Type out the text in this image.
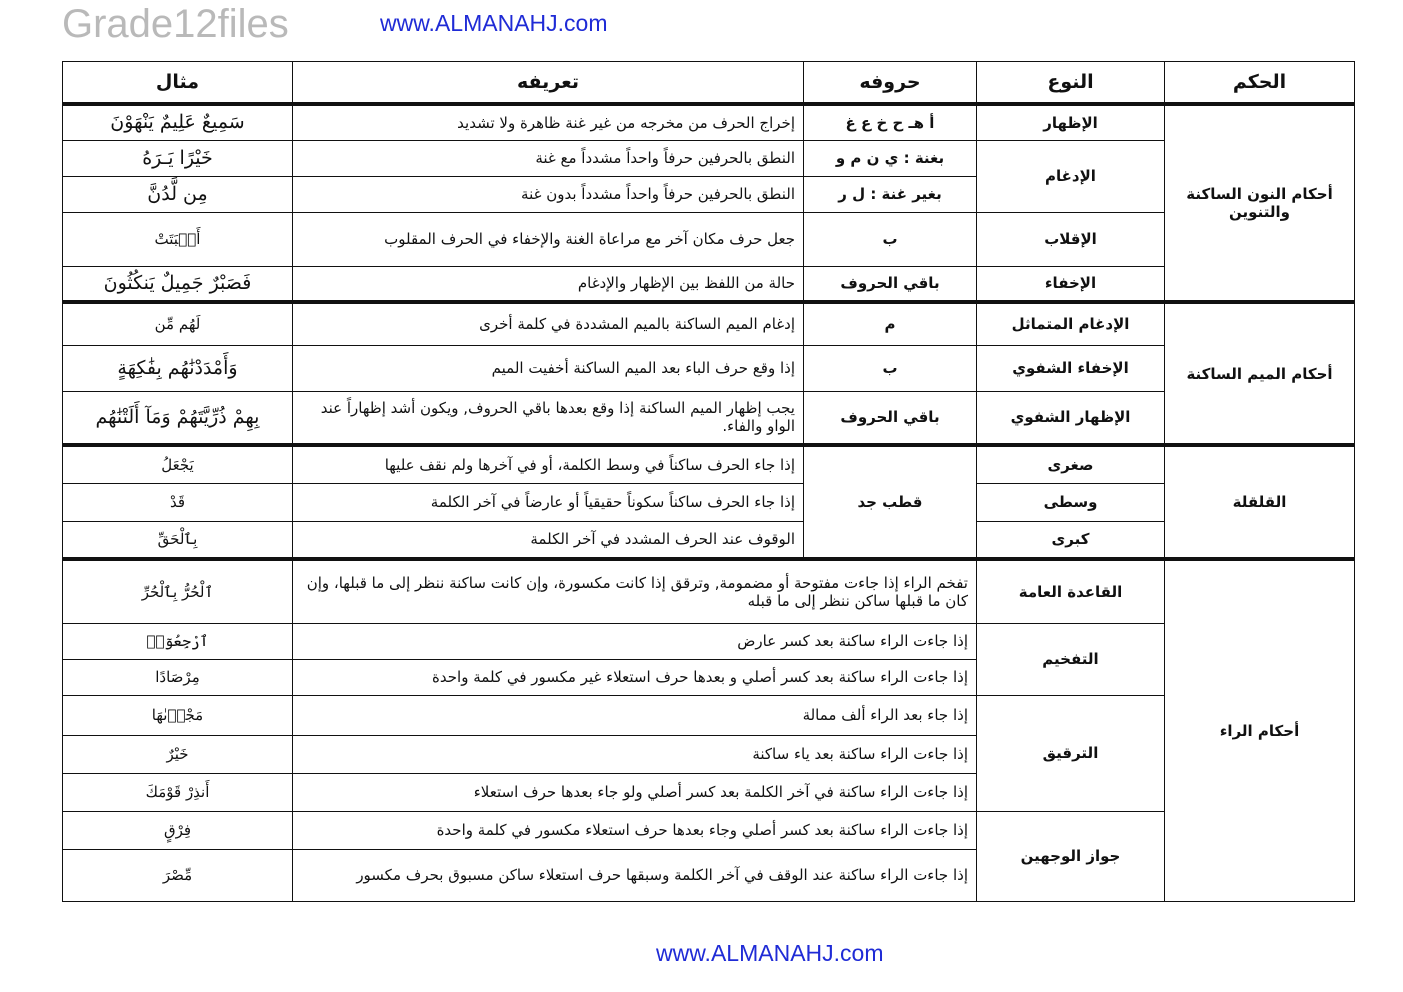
Grade12files	www.ALMANAHJ.com
الحكم	النوع	حروفه	تعريفه	مثال
أحكام النون الساكنة والتنوين	الإظهار	أ هـ ح خ ع غ	إخراج الحرف من مخرجه من غير غنة ظاهرة ولا تشديد	سَمِيعٌ عَلِيمٌ يَنْهَوْنَ
	الإدغام	بغنة : ي ن م و	النطق بالحرفين حرفاً واحداً مشدداً مع غنة	خَيْرًا يَـرَهُ
		بغير غنة : ل ر	النطق بالحرفين حرفاً واحداً مشدداً بدون غنة	مِن لَّدُنَّ
	الإقلاب	ب	جعل حرف مكان آخر مع مراعاة الغنة والإخفاء في الحرف المقلوب	أَنۢبَتَتْ
	الإخفاء	باقي الحروف	حالة من اللفظ بين الإظهار والإدغام	فَصَبْرٌ جَمِيلٌ يَنكُثُونَ
أحكام الميم الساكنة	الإدغام المتماثل	م	إدغام الميم الساكنة بالميم المشددة في كلمة أخرى	لَهُم مِّن
	الإخفاء الشفوي	ب	إذا وقع حرف الباء بعد الميم الساكنة أخفيت الميم	وَأَمْدَدْنَٰهُم بِفَٰكِهَةٍ
	الإظهار الشفوي	باقي الحروف	يجب إظهار الميم الساكنة إذا وقع بعدها باقي الحروف, ويكون أشد إظهاراً عند الواو والفاء.	بِهِمْ ذُرِّيَّتَهُمْ وَمَآ أَلَتْنَٰهُم
القلقلة	صغرى	قطب جد	إذا جاء الحرف ساكناً في وسط الكلمة، أو في آخرها ولم نقف عليها	يَجْعَلُ
	وسطى		إذا جاء الحرف ساكناً سكوناً حقيقياً أو عارضاً في آخر الكلمة	قَدْ
	كبرى		الوقوف عند الحرف المشدد في آخر الكلمة	بِٱلْحَقِّ
أحكام الراء	القاعدة العامة	تفخم الراء إذا جاءت مفتوحة أو مضمومة, وترقق إذا كانت مكسورة، وإن كانت ساكنة ننظر إلى ما قبلها، وإن كان ما قبلها ساكن ننظر إلى ما قبله		ٱلْحُرُّ بِٱلْحُرِّ
	التفخيم	إذا جاءت الراء ساكنة بعد كسر عارض		ٱرْجِعُوٓا۟
		إذا جاءت الراء ساكنة بعد كسر أصلي و بعدها حرف استعلاء غير مكسور في كلمة واحدة		مِرْصَادًا
	الترقيق	إذا جاء بعد الراء ألف ممالة		مَجْرٜىٰهَا
		إذا جاءت الراء ساكنة بعد ياء ساكنة		خَيْرٌ
		إذا جاءت الراء ساكنة في آخر الكلمة بعد كسر أصلي ولو جاء بعدها حرف استعلاء		أَنذِرْ قَوْمَكَ
	جواز الوجهين	إذا جاءت الراء ساكنة بعد كسر أصلي وجاء بعدها حرف استعلاء مكسور في كلمة واحدة		فِرْقٍ
		إذا جاءت الراء ساكنة عند الوقف في آخر الكلمة وسبقها حرف استعلاء ساكن مسبوق بحرف مكسور		مِّصْرَ
www.ALMANAHJ.com
